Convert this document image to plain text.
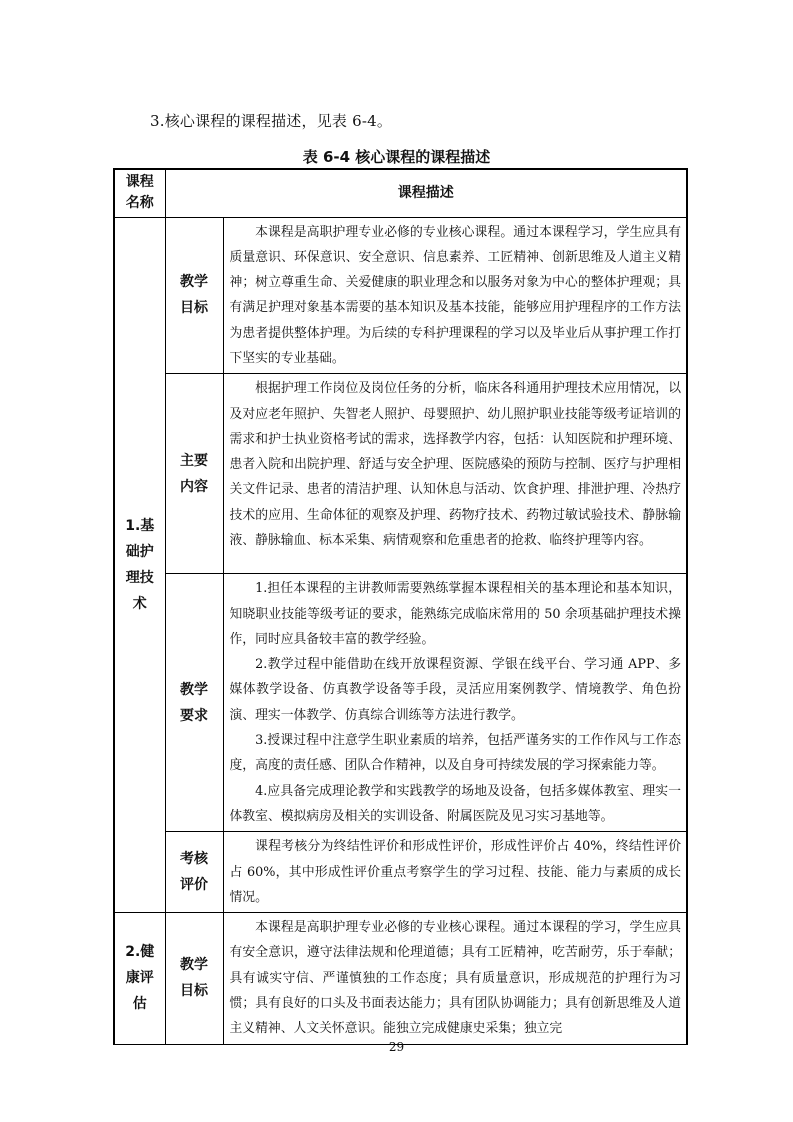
3.核心课程的课程描述，见表 6-4。
表 6-4 核心课程的课程描述
课程名称	课程描述	
1.基础护理技术	教学目标	本课程是高职护理专业必修的专业核心课程。通过本课程学习，学生应具有质量意识、环保意识、安全意识、信息素养、工匠精神、创新思维及人道主义精神；树立尊重生命、关爱健康的职业理念和以服务对象为中心的整体护理观；具有满足护理对象基本需要的基本知识及基本技能，能够应用护理程序的工作方法为患者提供整体护理。为后续的专科护理课程的学习以及毕业后从事护理工作打下坚实的专业基础。

	主要内容	根据护理工作岗位及岗位任务的分析，临床各科通用护理技术应用情况，以及对应老年照护、失智老人照护、母婴照护、幼儿照护职业技能等级考证培训的需求和护士执业资格考试的需求，选择教学内容，包括：认知医院和护理环境、患者入院和出院护理、舒适与安全护理、医院感染的预防与控制、医疗与护理相关文件记录、患者的清洁护理、认知休息与活动、饮食护理、排泄护理、冷热疗技术的应用、生命体征的观察及护理、药物疗技术、药物过敏试验技术、静脉输液、静脉输血、标本采集、病情观察和危重患者的抢救、临终护理等内容。

	教学要求	1.担任本课程的主讲教师需要熟练掌握本课程相关的基本理论和基本知识，知晓职业技能等级考证的要求，能熟练完成临床常用的 50 余项基础护理技术操作，同时应具备较丰富的教学经验。

2.教学过程中能借助在线开放课程资源、学银在线平台、学习通 APP、多媒体教学设备、仿真教学设备等手段，灵活应用案例教学、情境教学、角色扮演、理实一体教学、仿真综合训练等方法进行教学。

3.授课过程中注意学生职业素质的培养，包括严谨务实的工作作风与工作态度，高度的责任感、团队合作精神，以及自身可持续发展的学习探索能力等。

4.应具备完成理论教学和实践教学的场地及设备，包括多媒体教室、理实一体教室、模拟病房及相关的实训设备、附属医院及见习实习基地等。

	考核评价	课程考核分为终结性评价和形成性评价，形成性评价占 40%，终结性评价占 60%，其中形成性评价重点考察学生的学习过程、技能、能力与素质的成长情况。

2.健康评估	教学目标	本课程是高职护理专业必修的专业核心课程。通过本课程的学习，学生应具有安全意识，遵守法律法规和伦理道德；具有工匠精神，吃苦耐劳，乐于奉献；具有诚实守信、严谨慎独的工作态度；具有质量意识，形成规范的护理行为习惯；具有良好的口头及书面表达能力；具有团队协调能力；具有创新思维及人道主义精神、人文关怀意识。能独立完成健康史采集；独立完

29
